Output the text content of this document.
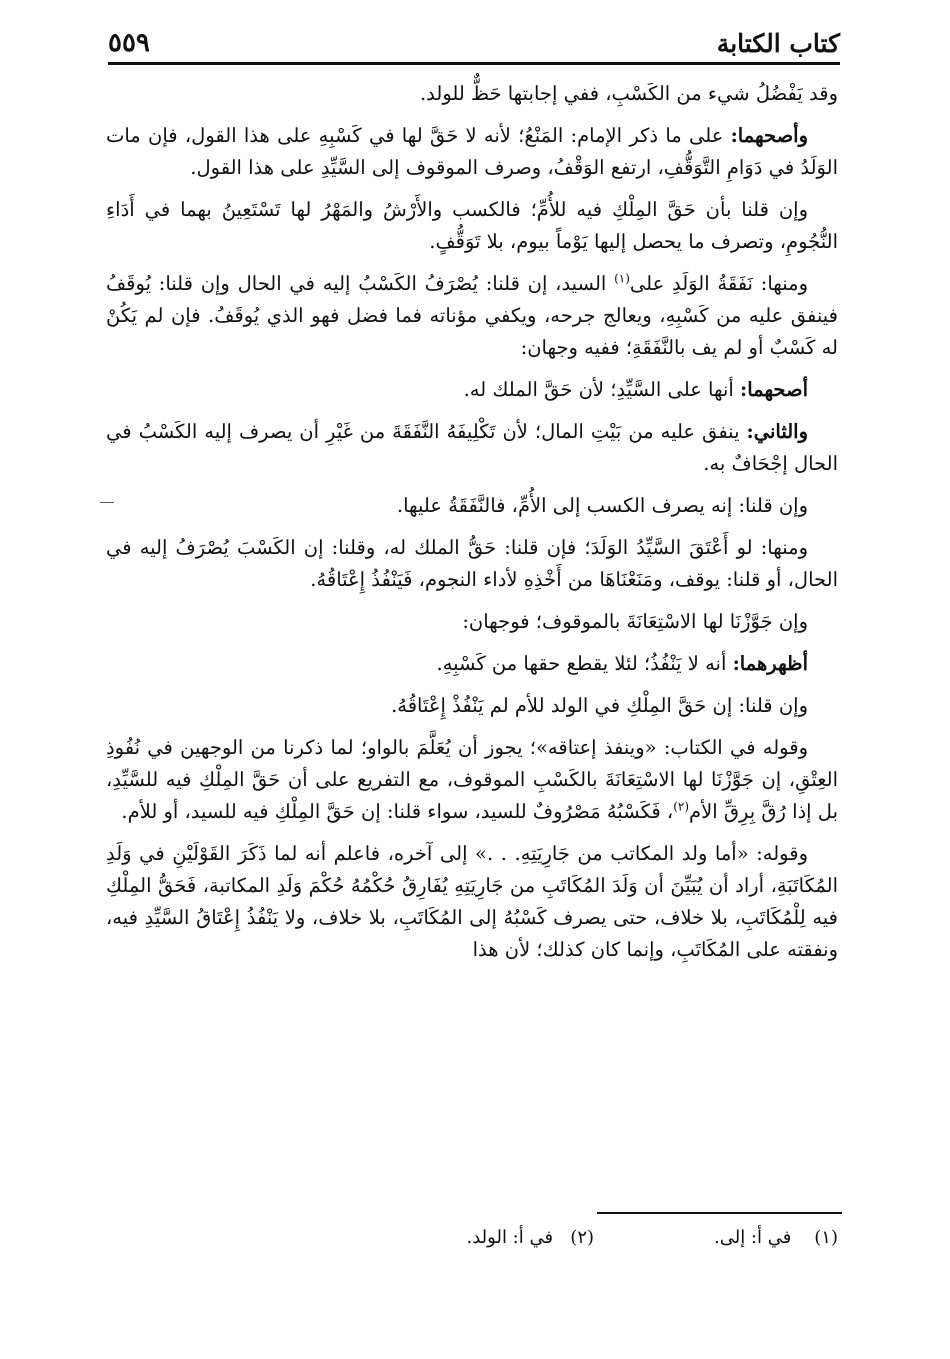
كتاب الكتابة
٥٥٩

وقد يَفْضُلُ شيء من الكَسْبِ، ففي إجابتها حَظٌّ للولد.

وأصحهما: على ما ذكر الإمام: المَنْعُ؛ لأنه لا حَقَّ لها في كَسْبِهِ على هذا القول، فإن مات الوَلَدُ في دَوَامِ التَّوَقُّفِ، ارتفع الوَقْفُ، وصرف الموقوف إلى السَّيِّدِ على هذا القول.

وإن قلنا بأن حَقَّ المِلْكِ فيه للأُمِّ؛ فالكسب والأَرْشُ والمَهْرُ لها تَسْتَعِينُ بهما في أَدَاءِ النُّجُومِ، وتصرف ما يحصل إليها يَوْماً بيوم، بلا تَوَقُّفٍ.

ومنها: نَفَقَةُ الوَلَدِ على$^{(١)}$ السيد، إن قلنا: يُصْرَفُ الكَسْبُ إليه في الحال وإن قلنا: يُوقَفُ فينفق عليه من كَسْبِهِ، ويعالج جرحه، ويكفي مؤناته فما فضل فهو الذي يُوقَفُ. فإن لم يَكُنْ له كَسْبٌ أو لم يف بالنَّفَقَةِ؛ ففيه وجهان:

أصحهما: أنها على السَّيِّدِ؛ لأن حَقَّ الملك له.

والثاني: ينفق عليه من بَيْتِ المال؛ لأن تَكْلِيفَهُ النَّفَقَةَ من غَيْرِ أن يصرف إليه الكَسْبُ في الحال إجْحَافٌ به.

وإن قلنا: إنه يصرف الكسب إلى الأُمِّ، فالنَّفَقَةُ عليها.

ومنها: لو أَعْتَقَ السَّيِّدُ الوَلَدَ؛ فإن قلنا: حَقُّ الملك له، وقلنا: إن الكَسْبَ يُصْرَفُ إليه في الحال، أو قلنا: يوقف، ومَنَعْنَاهَا من أَخْذِهِ لأداء النجوم، فَيَنْفُذُ إِعْتَاقُهُ.

وإن جَوَّزْنَا لها الاسْتِعَانَةَ بالموقوف؛ فوجهان:

أظهرهما: أنه لا يَنْفُذُ؛ لئلا يقطع حقها من كَسْبِهِ.

وإن قلنا: إن حَقَّ المِلْكِ في الولد للأم لم يَنْفُذْ إِعْتَاقُهُ.

وقوله في الكتاب: «وينفذ إعتاقه»؛ يجوز أن يُعَلَّمَ بالواو؛ لما ذكرنا من الوجهين في نُفُوذِ العِتْقِ، إن جَوَّزْنَا لها الاسْتِعَانَةَ بالكَسْبِ الموقوف، مع التفريع على أن حَقَّ المِلْكِ فيه للسَّيِّدِ، بل إذا رُقَّ بِرِقِّ الأم$^{(٢)}$، فَكَسْبُهُ مَصْرُوفٌ للسيد، سواء قلنا: إن حَقَّ المِلْكِ فيه للسيد، أو للأم.

وقوله: «أما ولد المكاتب من جَارِيَتِهِ. . .» إلى آخره، فاعلم أنه لما ذَكَرَ القَوْلَيْنِ في وَلَدِ المُكَاتَبَةِ، أراد أن يُبَيِّنَ أن وَلَدَ المُكَاتَبِ من جَارِيَتِهِ يُفَارِقُ حُكْمُهُ حُكْمَ وَلَدِ المكاتبة، فَحَقُّ المِلْكِ فيه لِلْمُكَاتَبِ، بلا خلاف، حتى يصرف كَسْبُهُ إلى المُكَاتَبِ، بلا خلاف، ولا يَنْفُذُ إِعْتَاقُ السَّيِّدِ فيه، ونفقته على المُكَاتَبِ، وإنما كان كذلك؛ لأن هذا

(١)    في أ: إلى.
(٢)   في أ: الولد.
